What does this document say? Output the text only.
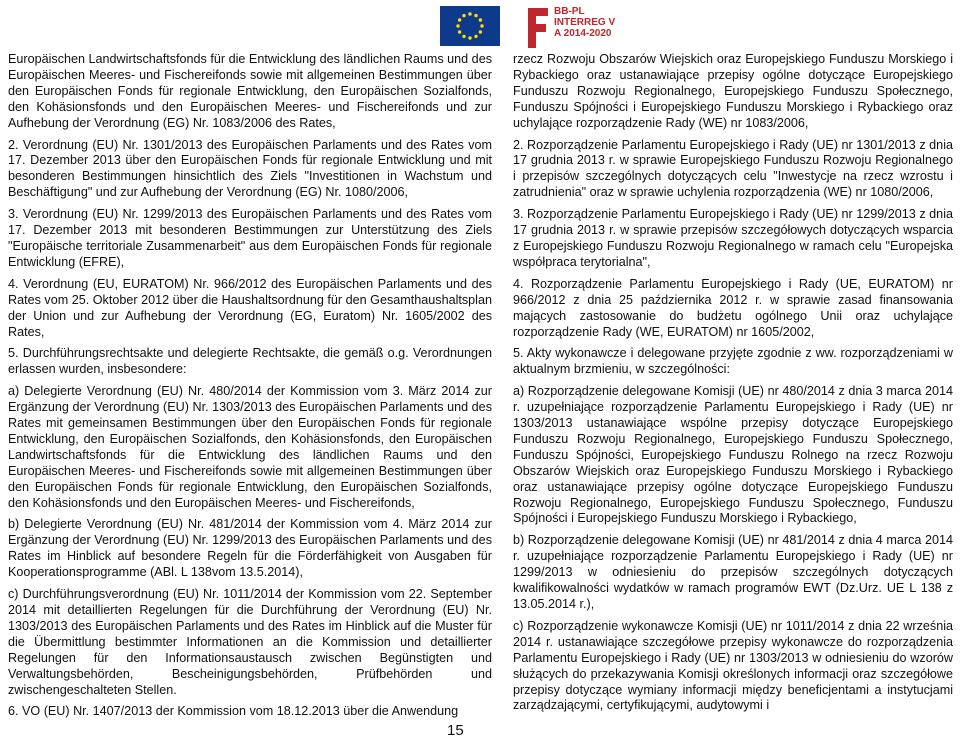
BB-PL INTERREG V A 2014-2020

Europäischen Landwirtschaftsfonds für die Entwicklung des ländlichen Raums und des Europäischen Meeres- und Fischereifonds sowie mit allgemeinen Bestimmungen über den Europäischen Fonds für regionale Entwicklung, den Europäischen Sozialfonds, den Kohäsionsfonds und den Europäischen Meeres- und Fischereifonds und zur Aufhebung der Verordnung (EG) Nr. 1083/2006 des Rates,

2. Verordnung (EU) Nr. 1301/2013 des Europäischen Parlaments und des Rates vom 17. Dezember 2013 über den Europäischen Fonds für regionale Entwicklung und mit besonderen Bestimmungen hinsichtlich des Ziels "Investitionen in Wachstum und Beschäftigung" und zur Aufhebung der Verordnung (EG) Nr. 1080/2006,

3. Verordnung (EU) Nr. 1299/2013 des Europäischen Parlaments und des Rates vom 17. Dezember 2013 mit besonderen Bestimmungen zur Unterstützung des Ziels "Europäische territoriale Zusammenarbeit" aus dem Europäischen Fonds für regionale Entwicklung (EFRE),

4. Verordnung (EU, EURATOM) Nr. 966/2012 des Europäischen Parlaments und des Rates vom 25. Oktober 2012 über die Haushaltsordnung für den Gesamthaushaltsplan der Union und zur Aufhebung der Verordnung (EG, Euratom) Nr. 1605/2002 des Rates,

5. Durchführungsrechtsakte und delegierte Rechtsakte, die gemäß o.g. Verordnungen erlassen wurden, insbesondere:

a) Delegierte Verordnung (EU) Nr. 480/2014 der Kommission vom 3. März 2014 zur Ergänzung der Verordnung (EU) Nr. 1303/2013 des Europäischen Parlaments und des Rates mit gemeinsamen Bestimmungen über den Europäischen Fonds für regionale Entwicklung, den Europäischen Sozialfonds, den Kohäsionsfonds, den Europäischen Landwirtschaftsfonds für die Entwicklung des ländlichen Raums und den Europäischen Meeres- und Fischereifonds sowie mit allgemeinen Bestimmungen über den Europäischen Fonds für regionale Entwicklung, den Europäischen Sozialfonds, den Kohäsionsfonds und den Europäischen Meeres- und Fischereifonds,

b) Delegierte Verordnung (EU) Nr. 481/2014 der Kommission vom 4. März 2014 zur Ergänzung der Verordnung (EU) Nr. 1299/2013 des Europäischen Parlaments und des Rates im Hinblick auf besondere Regeln für die Förderfähigkeit von Ausgaben für Kooperationsprogramme (ABl. L 138vom 13.5.2014),

c) Durchführungsverordnung (EU) Nr. 1011/2014 der Kommission vom 22. September 2014 mit detaillierten Regelungen für die Durchführung der Verordnung (EU) Nr. 1303/2013 des Europäischen Parlaments und des Rates im Hinblick auf die Muster für die Übermittlung bestimmter Informationen an die Kommission und detaillierter Regelungen für den Informationsaustausch zwischen Begünstigten und Verwaltungsbehörden, Bescheinigungsbehörden, Prüfbehörden und zwischengeschalteten Stellen.

6. VO (EU) Nr. 1407/2013 der Kommission vom 18.12.2013 über die Anwendung

rzecz Rozwoju Obszarów Wiejskich oraz Europejskiego Funduszu Morskiego i Rybackiego oraz ustanawiające przepisy ogólne dotyczące Europejskiego Funduszu Rozwoju Regionalnego, Europejskiego Funduszu Społecznego, Funduszu Spójności i Europejskiego Funduszu Morskiego i Rybackiego oraz uchylające rozporządzenie Rady (WE) nr 1083/2006,

2. Rozporządzenie Parlamentu Europejskiego i Rady (UE) nr 1301/2013 z dnia 17 grudnia 2013 r. w sprawie Europejskiego Funduszu Rozwoju Regionalnego i przepisów szczególnych dotyczących celu "Inwestycje na rzecz wzrostu i zatrudnienia" oraz w sprawie uchylenia rozporządzenia (WE) nr 1080/2006,

3. Rozporządzenie Parlamentu Europejskiego i Rady (UE) nr 1299/2013 z dnia 17 grudnia 2013 r. w sprawie przepisów szczegółowych dotyczących wsparcia z Europejskiego Funduszu Rozwoju Regionalnego w ramach celu "Europejska współpraca terytorialna",

4. Rozporządzenie Parlamentu Europejskiego i Rady (UE, EURATOM) nr 966/2012 z dnia 25 października 2012 r. w sprawie zasad finansowania mających zastosowanie do budżetu ogólnego Unii oraz uchylające rozporządzenie Rady (WE, EURATOM) nr 1605/2002,

5. Akty wykonawcze i delegowane przyjęte zgodnie z ww. rozporządzeniami w aktualnym brzmieniu, w szczególności:

a) Rozporządzenie delegowane Komisji (UE) nr 480/2014 z dnia 3 marca 2014 r. uzupełniające rozporządzenie Parlamentu Europejskiego i Rady (UE) nr 1303/2013 ustanawiające wspólne przepisy dotyczące Europejskiego Funduszu Rozwoju Regionalnego, Europejskiego Funduszu Społecznego, Funduszu Spójności, Europejskiego Funduszu Rolnego na rzecz Rozwoju Obszarów Wiejskich oraz Europejskiego Funduszu Morskiego i Rybackiego oraz ustanawiające przepisy ogólne dotyczące Europejskiego Funduszu Rozwoju Regionalnego, Europejskiego Funduszu Społecznego, Funduszu Spójności i Europejskiego Funduszu Morskiego i Rybackiego,

b) Rozporządzenie delegowane Komisji (UE) nr 481/2014 z dnia 4 marca 2014 r. uzupełniające rozporządzenie Parlamentu Europejskiego i Rady (UE) nr 1299/2013 w odniesieniu do przepisów szczególnych dotyczących kwalifikowalności wydatków w ramach programów EWT (Dz.Urz. UE L 138 z 13.05.2014 r.),

c) Rozporządzenie wykonawcze Komisji (UE) nr 1011/2014 z dnia 22 września 2014 r. ustanawiające szczegółowe przepisy wykonawcze do rozporządzenia Parlamentu Europejskiego i Rady (UE) nr 1303/2013 w odniesieniu do wzorów służących do przekazywania Komisji określonych informacji oraz szczegółowe przepisy dotyczące wymiany informacji między beneficjentami a instytucjami zarządzającymi, certyfikującymi, audytowymi i

15
